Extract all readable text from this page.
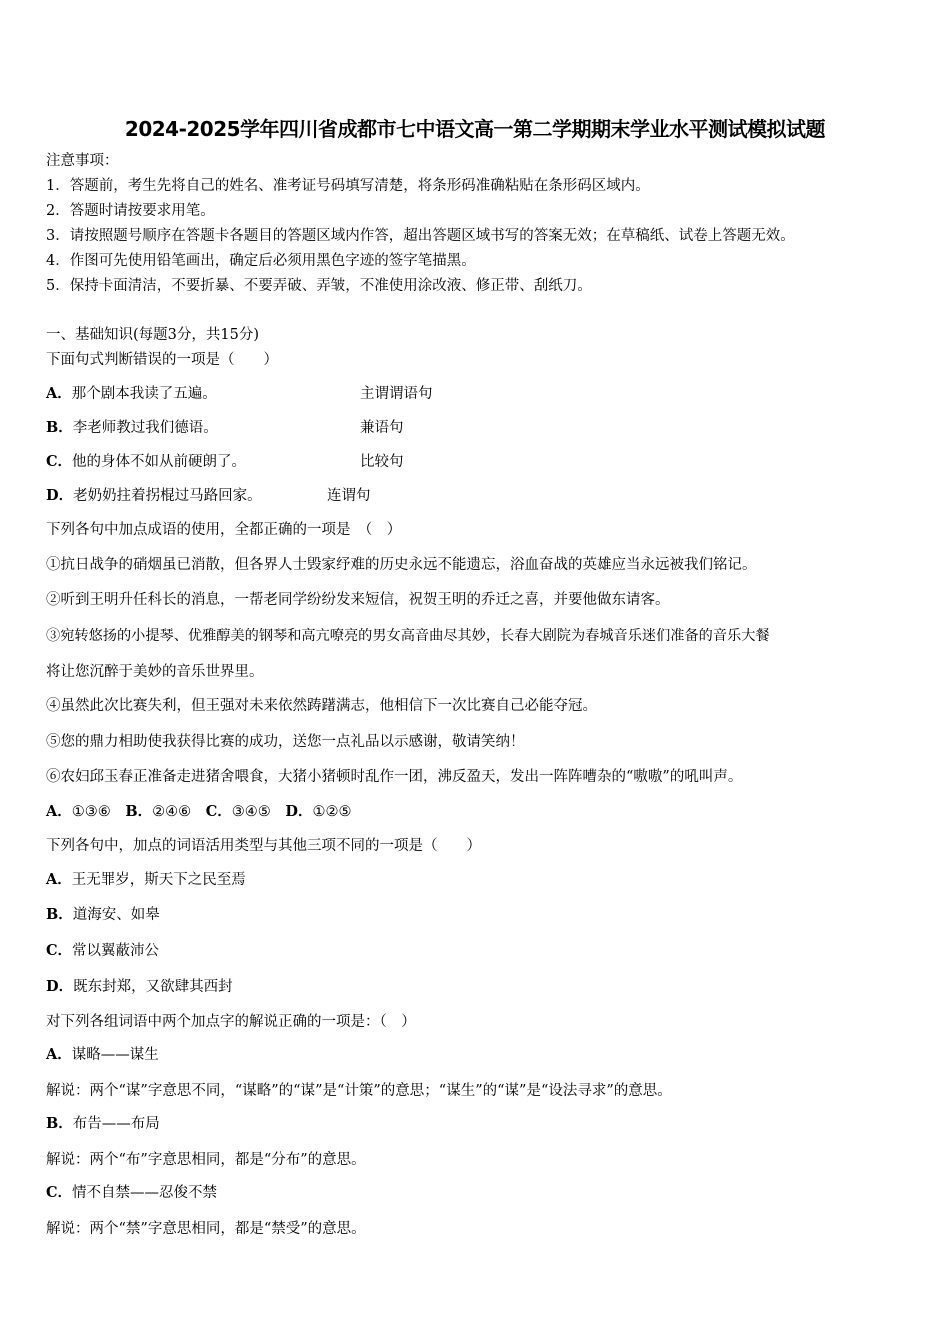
2024-2025学年四川省成都市七中语文高一第二学期期末学业水平测试模拟试题
注意事项：
1．答题前，考生先将自己的姓名、准考证号码填写清楚，将条形码准确粘贴在条形码区域内。
2．答题时请按要求用笔。
3．请按照题号顺序在答题卡各题目的答题区域内作答，超出答题区域书写的答案无效；在草稿纸、试卷上答题无效。
4．作图可先使用铅笔画出，确定后必须用黑色字迹的签字笔描黑。
5．保持卡面清洁，不要折暴、不要弄破、弄皱，不准使用涂改液、修正带、刮纸刀。
一、基础知识(每题3分，共15分)
下面句式判断错误的一项是（　　）
A．那个剧本我读了五遍。	主谓谓语句
B．李老师教过我们德语。	兼语句
C．他的身体不如从前硬朗了。	比较句
D．老奶奶拄着拐棍过马路回家。	连谓句
下列各句中加点成语的使用，全都正确的一项是　（　）
①抗日战争的硝烟虽已消散，但各界人士毁家纾难的历史永远不能遗忘，浴血奋战的英雄应当永远被我们铭记。
②听到王明升任科长的消息，一帮老同学纷纷发来短信，祝贺王明的乔迁之喜，并要他做东请客。
③宛转悠扬的小提琴、优雅醇美的钢琴和高亢嘹亮的男女高音曲尽其妙，长春大剧院为春城音乐迷们准备的音乐大餐
将让您沉醉于美妙的音乐世界里。
④虽然此次比赛失利，但王强对未来依然踌躇满志，他相信下一次比赛自己必能夺冠。
⑤您的鼎力相助使我获得比赛的成功，送您一点礼品以示感谢，敬请笑纳！
⑥农妇邱玉春正准备走进猪舍喂食，大猪小猪顿时乱作一团，沸反盈天，发出一阵阵嘈杂的“嗷嗷”的吼叫声。
A．①③⑥ B．②④⑥ C．③④⑤ D．①②⑤
下列各句中，加点的词语活用类型与其他三项不同的一项是（　　）
A．王无罪岁，斯天下之民至焉
B．道海安、如皋
C．常以翼蔽沛公
D．既东封郑，又欲肆其西封
对下列各组词语中两个加点字的解说正确的一项是：（　）
A．谋略——谋生
解说：两个“谋”字意思不同，“谋略”的“谋”是“计策”的意思；“谋生”的“谋”是“设法寻求”的意思。
B．布告——布局
解说：两个“布”字意思相同，都是“分布”的意思。
C．情不自禁——忍俊不禁
解说：两个“禁”字意思相同，都是“禁受”的意思。
